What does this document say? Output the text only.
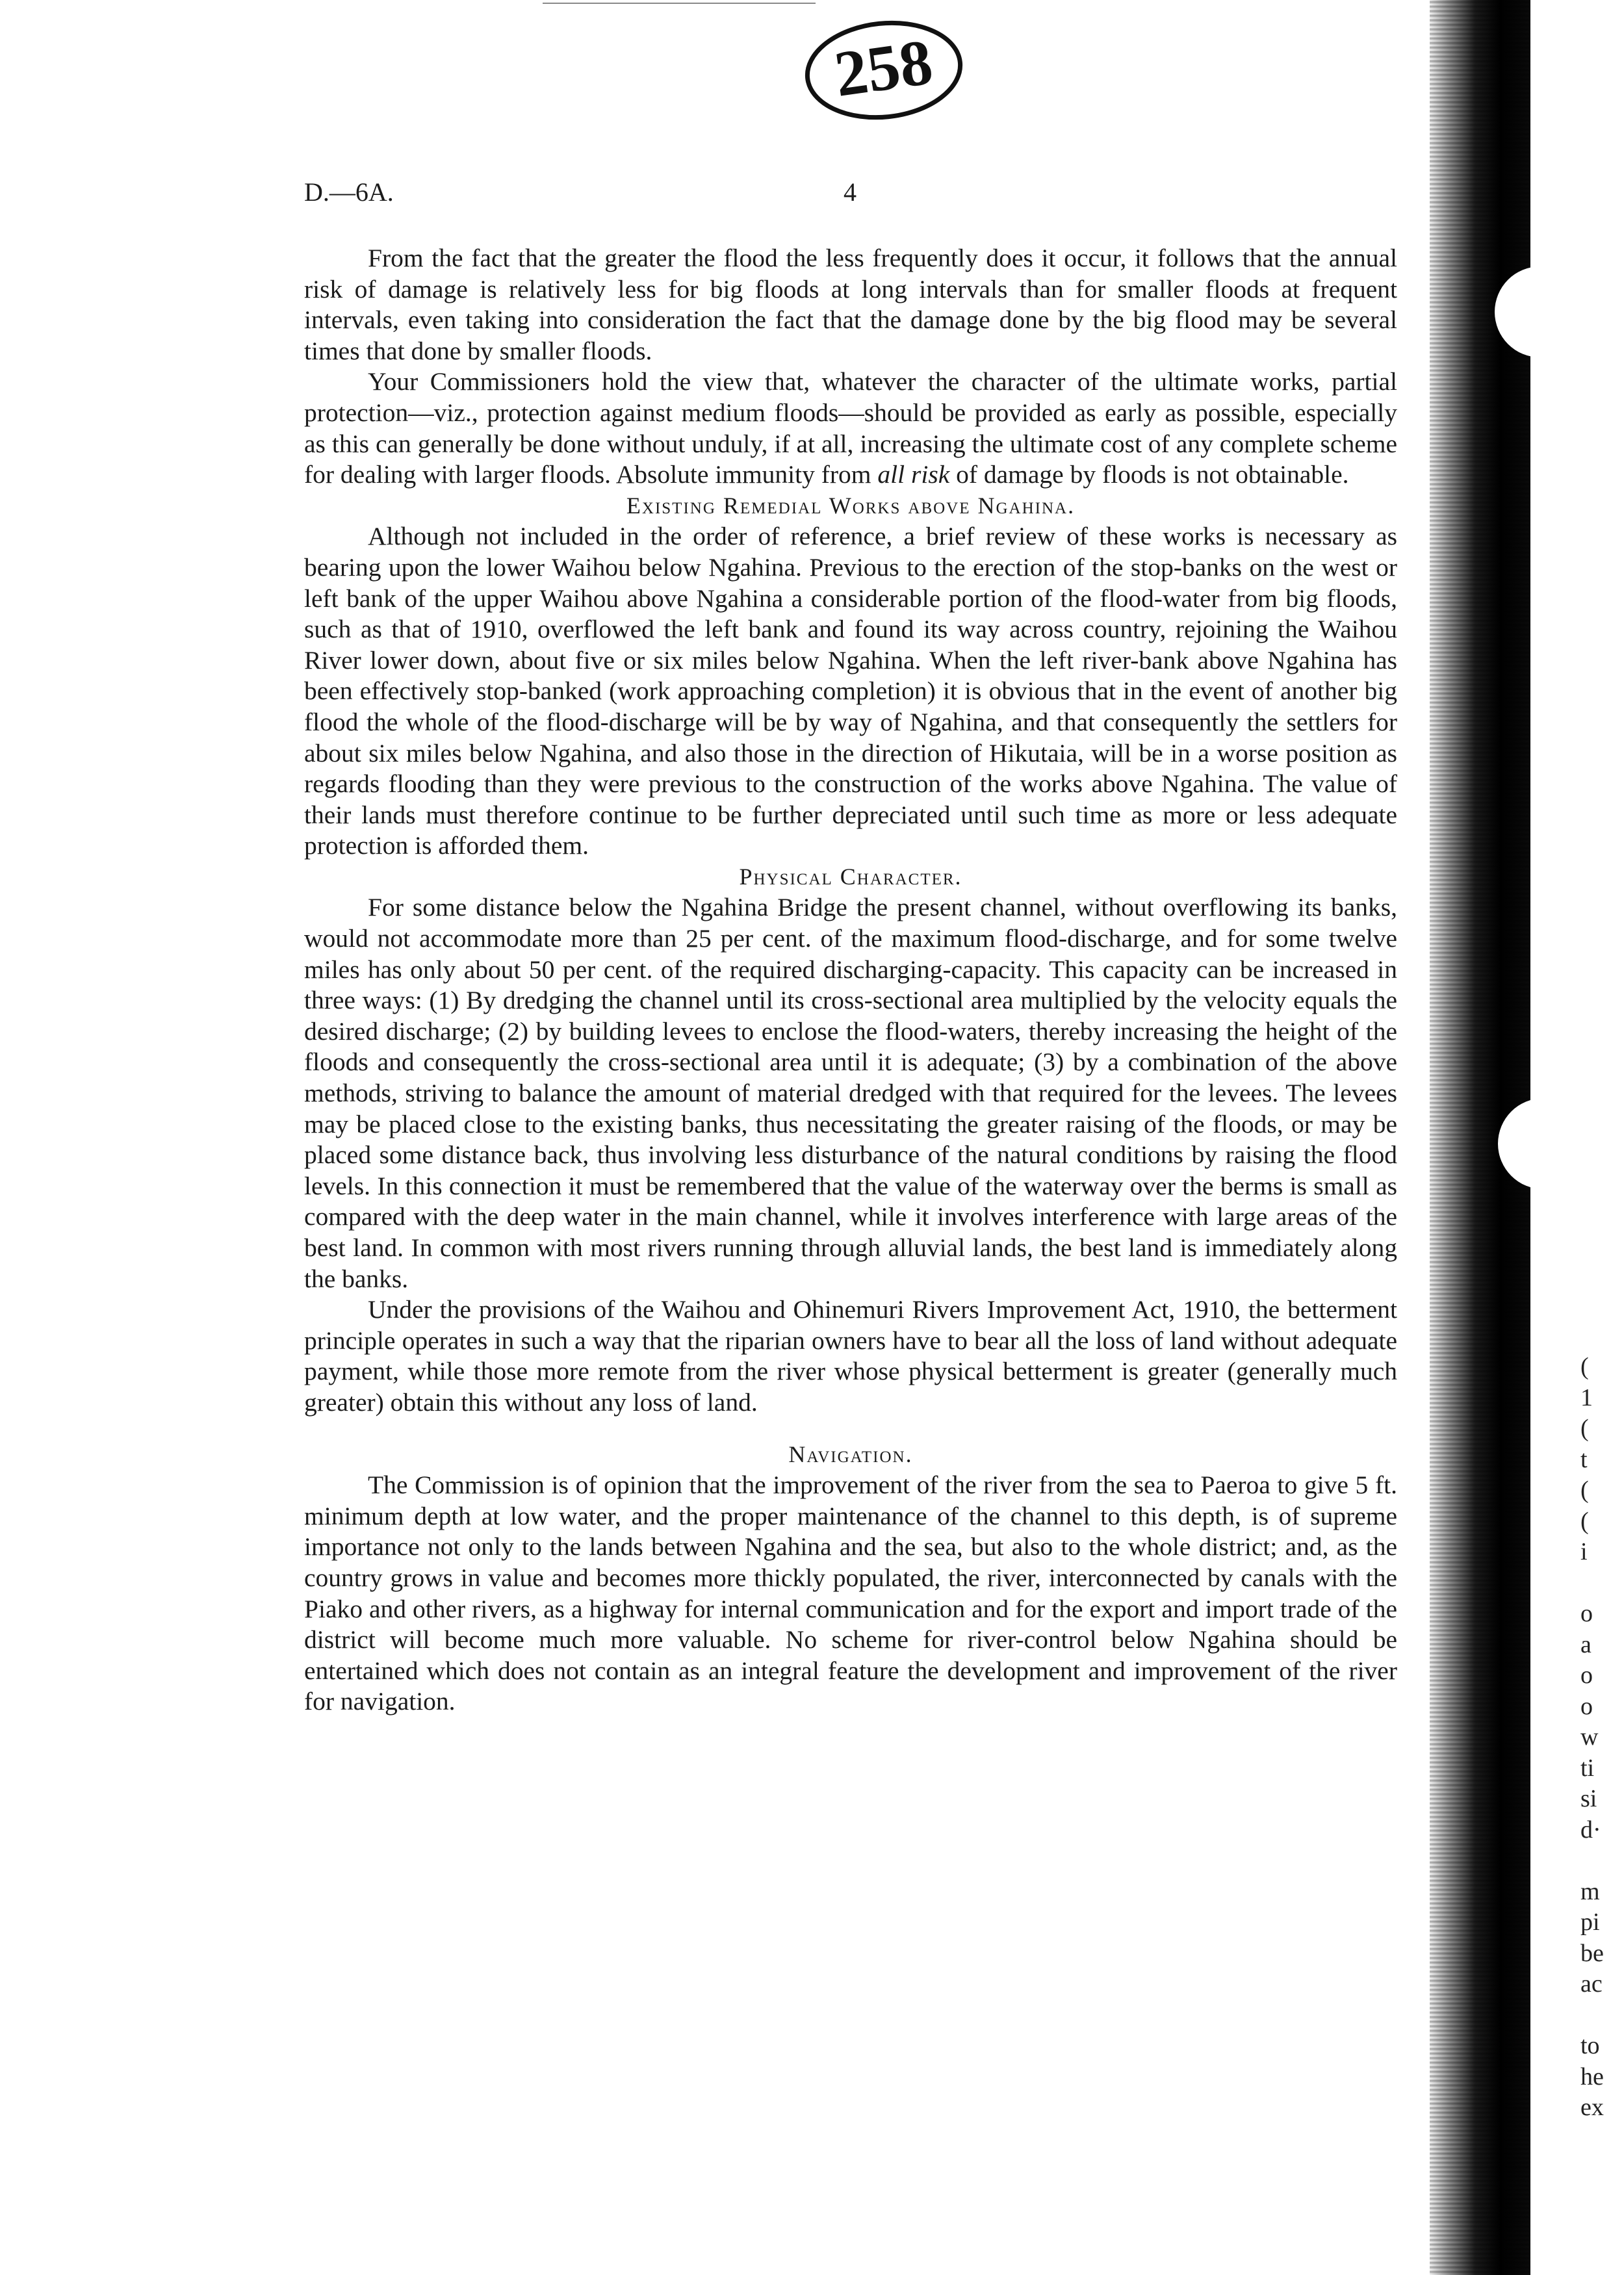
258
D.—6A.	4

From the fact that the greater the flood the less frequently does it occur, it follows that the annual risk of damage is relatively less for big floods at long intervals than for smaller floods at frequent intervals, even taking into consideration the fact that the damage done by the big flood may be several times that done by smaller floods.

Your Commissioners hold the view that, whatever the character of the ultimate works, partial protection—viz., protection against medium floods—should be provided as early as possible, especially as this can generally be done without unduly, if at all, increasing the ultimate cost of any complete scheme for dealing with larger floods. Absolute immunity from all risk of damage by floods is not obtainable.

Existing Remedial Works above Ngahina.

Although not included in the order of reference, a brief review of these works is necessary as bearing upon the lower Waihou below Ngahina. Previous to the erection of the stop-banks on the west or left bank of the upper Waihou above Ngahina a considerable portion of the flood-water from big floods, such as that of 1910, overflowed the left bank and found its way across country, rejoining the Waihou River lower down, about five or six miles below Ngahina. When the left river-bank above Ngahina has been effectively stop-banked (work approaching completion) it is obvious that in the event of another big flood the whole of the flood-discharge will be by way of Ngahina, and that consequently the settlers for about six miles below Ngahina, and also those in the direction of Hikutaia, will be in a worse position as regards flooding than they were previous to the construction of the works above Ngahina. The value of their lands must therefore continue to be further depreciated until such time as more or less adequate protection is afforded them.

Physical Character.

For some distance below the Ngahina Bridge the present channel, without overflowing its banks, would not accommodate more than 25 per cent. of the maximum flood-discharge, and for some twelve miles has only about 50 per cent. of the required discharging-capacity. This capacity can be increased in three ways: (1) By dredging the channel until its cross-sectional area multiplied by the velocity equals the desired discharge; (2) by building levees to enclose the flood-waters, thereby increasing the height of the floods and consequently the cross-sectional area until it is adequate; (3) by a combination of the above methods, striving to balance the amount of material dredged with that required for the levees. The levees may be placed close to the existing banks, thus necessitating the greater raising of the floods, or may be placed some distance back, thus involving less disturbance of the natural conditions by raising the flood levels. In this connection it must be remembered that the value of the waterway over the berms is small as compared with the deep water in the main channel, while it involves interference with large areas of the best land. In common with most rivers running through alluvial lands, the best land is immediately along the banks.

Under the provisions of the Waihou and Ohinemuri Rivers Improvement Act, 1910, the betterment principle operates in such a way that the riparian owners have to bear all the loss of land without adequate payment, while those more remote from the river whose physical betterment is greater (generally much greater) obtain this without any loss of land.

Navigation.

The Commission is of opinion that the improvement of the river from the sea to Paeroa to give 5 ft. minimum depth at low water, and the proper maintenance of the channel to this depth, is of supreme importance not only to the lands between Ngahina and the sea, but also to the whole district; and, as the country grows in value and becomes more thickly populated, the river, interconnected by canals with the Piako and other rivers, as a highway for internal communication and for the export and import trade of the district will become much more valuable. No scheme for river-control below Ngahina should be entertained which does not contain as an integral feature the development and improvement of the river for navigation.

(
1
(
t
(
(
i
o
a
o
o
w
ti
si
d·
m
pi
be
ac
to
he
ex
